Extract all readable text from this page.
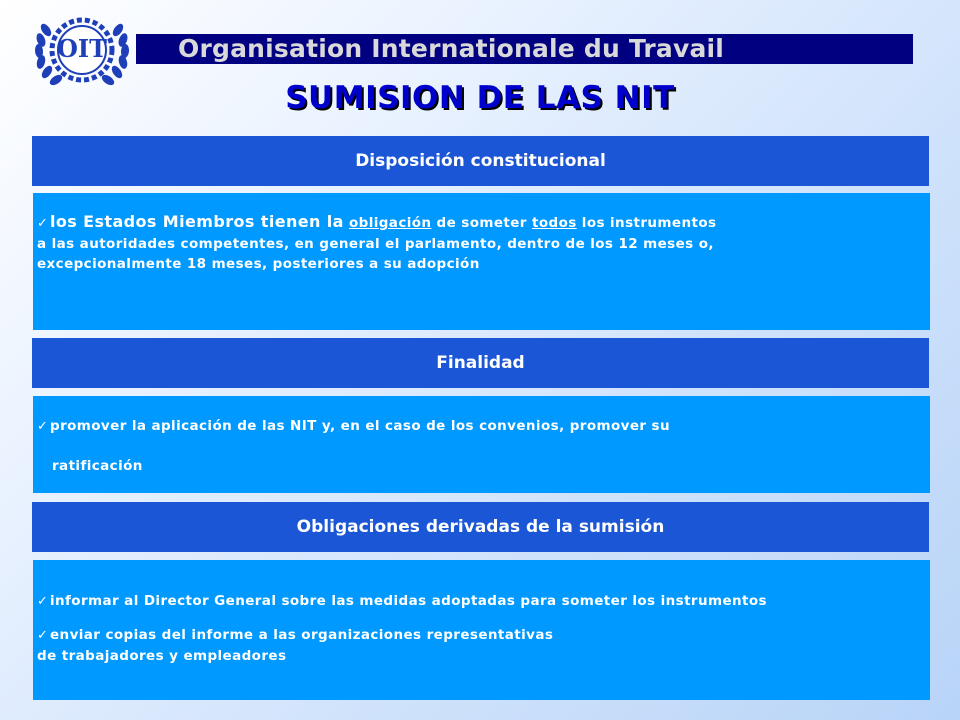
OIT	Organisation Internationale du Travail
SUMISION DE LAS NIT
Disposición constitucional
✓ los Estados Miembros tienen la obligación de someter todos los instrumentos
a las autoridades competentes, en general el parlamento, dentro de los 12 meses o,
excepcionalmente 18 meses, posteriores a su adopción
Finalidad
✓ promover la aplicación de las NIT y, en el caso de los convenios, promover su
ratificación
Obligaciones derivadas de la sumisión
✓ informar al Director General sobre las medidas adoptadas para someter los instrumentos
✓ enviar copias del informe a las organizaciones representativas
de trabajadores y empleadores
